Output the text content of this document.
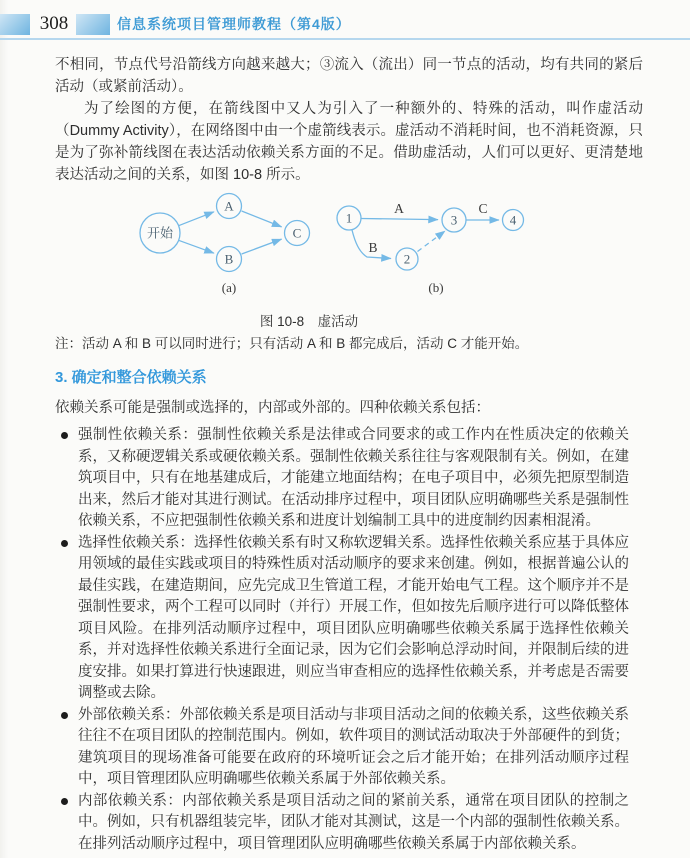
308	信息系统项目管理师教程（第4版）

不相同，节点代号沿箭线方向越来越大；③流入（流出）同一节点的活动，均有共同的紧后活动（或紧前活动）。

为了绘图的方便，在箭线图中又人为引入了一种额外的、特殊的活动，叫作虚活动（Dummy Activity），在网络图中由一个虚箭线表示。虚活动不消耗时间，也不消耗资源，只是为了弥补箭线图在表达活动依赖关系方面的不足。借助虚活动，人们可以更好、更清楚地表达活动之间的关系，如图 10-8 所示。

开始
A
B
C
(a)
1
2
3	4
A
B
C
(b)
图 10-8　虚活动

注：活动 A 和 B 可以同时进行；只有活动 A 和 B 都完成后，活动 C 才能开始。

3. 确定和整合依赖关系

依赖关系可能是强制或选择的，内部或外部的。四种依赖关系包括：

强制性依赖关系：强制性依赖关系是法律或合同要求的或工作内在性质决定的依赖关系，又称硬逻辑关系或硬依赖关系。强制性依赖关系往往与客观限制有关。例如，在建筑项目中，只有在地基建成后，才能建立地面结构；在电子项目中，必须先把原型制造出来，然后才能对其进行测试。在活动排序过程中，项目团队应明确哪些关系是强制性依赖关系，不应把强制性依赖关系和进度计划编制工具中的进度制约因素相混淆。
选择性依赖关系：选择性依赖关系有时又称软逻辑关系。选择性依赖关系应基于具体应用领域的最佳实践或项目的特殊性质对活动顺序的要求来创建。例如，根据普遍公认的最佳实践，在建造期间，应先完成卫生管道工程，才能开始电气工程。这个顺序并不是强制性要求，两个工程可以同时（并行）开展工作，但如按先后顺序进行可以降低整体项目风险。在排列活动顺序过程中，项目团队应明确哪些依赖关系属于选择性依赖关系，并对选择性依赖关系进行全面记录，因为它们会影响总浮动时间，并限制后续的进度安排。如果打算进行快速跟进，则应当审查相应的选择性依赖关系，并考虑是否需要调整或去除。
外部依赖关系：外部依赖关系是项目活动与非项目活动之间的依赖关系，这些依赖关系往往不在项目团队的控制范围内。例如，软件项目的测试活动取决于外部硬件的到货；建筑项目的现场准备可能要在政府的环境听证会之后才能开始；在排列活动顺序过程中，项目管理团队应明确哪些依赖关系属于外部依赖关系。
内部依赖关系：内部依赖关系是项目活动之间的紧前关系，通常在项目团队的控制之中。例如，只有机器组装完毕，团队才能对其测试，这是一个内部的强制性依赖关系。在排列活动顺序过程中，项目管理团队应明确哪些依赖关系属于内部依赖关系。
